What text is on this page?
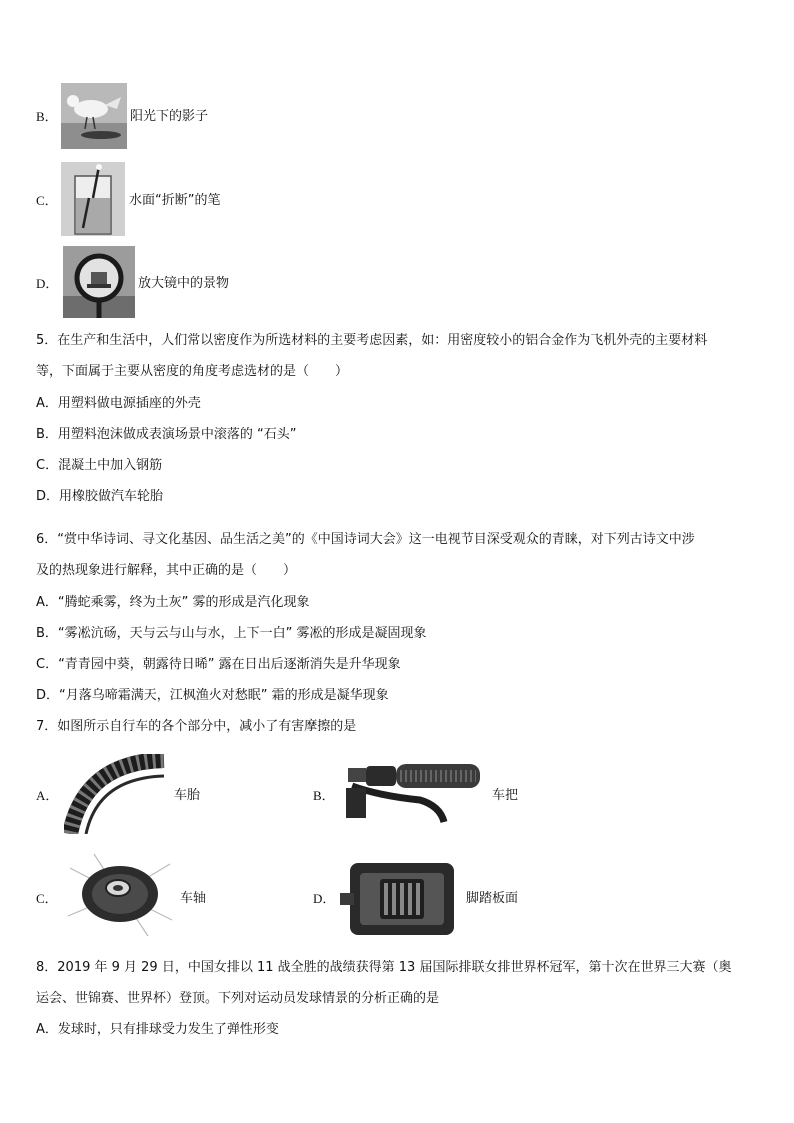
B．	阳光下的影子
C．	水面“折断”的笔
D．	放大镜中的景物
5．在生产和生活中，人们常以密度作为所选材料的主要考虑因素，如：用密度较小的铝合金作为飞机外壳的主要材料
等，下面属于主要从密度的角度考虑选材的是（　　）
A．用塑料做电源插座的外壳
B．用塑料泡沫做成表演场景中滚落的 “石头”
C．混凝土中加入钢筋
D．用橡胶做汽车轮胎
6．“赏中华诗词、寻文化基因、品生活之美”的《中国诗词大会》这一电视节目深受观众的青睐，对下列古诗文中涉
及的热现象进行解释，其中正确的是（　　）
A．“腾蛇乘雾，终为土灰” 雾的形成是汽化现象
B．“雾凇沆砀，天与云与山与水，上下一白” 雾凇的形成是凝固现象
C．“青青园中葵，朝露待日晞” 露在日出后逐渐消失是升华现象
D．“月落乌啼霜满天，江枫渔火对愁眠” 霜的形成是凝华现象
7．如图所示自行车的各个部分中，减小了有害摩擦的是
A．	车胎	B．	车把
C．	车轴	D．	脚踏板面
8．2019 年 9 月 29 日，中国女排以 11 战全胜的战绩获得第 13 届国际排联女排世界杯冠军，第十次在世界三大赛（奥
运会、世锦赛、世界杯）登顶。下列对运动员发球情景的分析正确的是
A．发球时，只有排球受力发生了弹性形变
